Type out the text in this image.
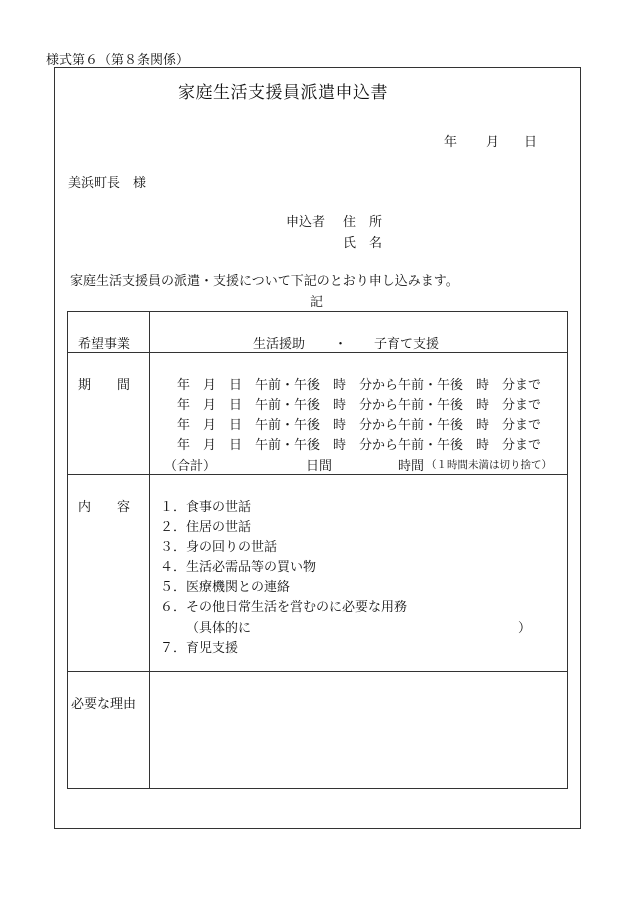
様式第６（第８条関係）
家庭生活支援員派遣申込書
年 月 日
美浜町長　様
申込者 住　所
氏　名
家庭生活支援員の派遣・支援について下記のとおり申し込みます。
記
希望事業	生活援助 ・ 子育て支援
期　　間	年　月　日　午前・午後　時　分から午前・午後　時　分まで
年　月　日　午前・午後　時　分から午前・午後　時　分まで
年　月　日　午前・午後　時　分から午前・午後　時　分まで
年　月　日　午前・午後　時　分から午前・午後　時　分まで
（合計）	日間	時間 （１時間未満は切り捨て）
内　　容 １．食事の世話
２．住居の世話
３．身の回りの世話
４．生活必需品等の買い物
５．医療機関との連絡
６．その他日常生活を営むのに必要な用務
（具体的に	）
７．育児支援
必要な理由
